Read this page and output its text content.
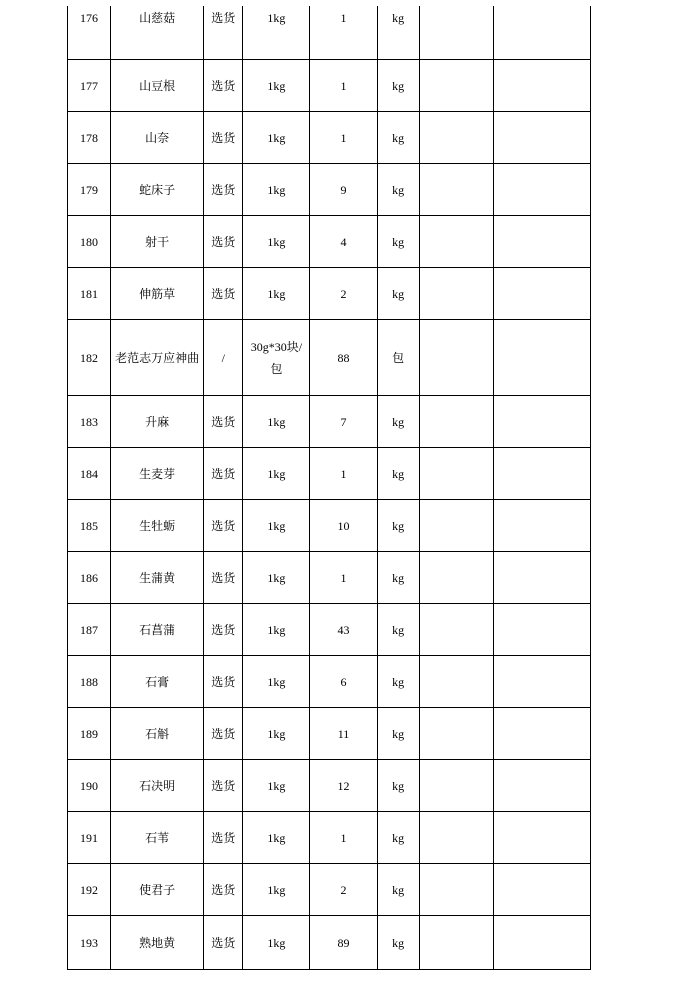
176	山慈菇	选货	1kg	1	kg		
177	山豆根	选货	1kg	1	kg		
178	山奈	选货	1kg	1	kg		
179	蛇床子	选货	1kg	9	kg		
180	射干	选货	1kg	4	kg		
181	伸筋草	选货	1kg	2	kg		
182	老范志万应神曲	/	30g*30块/包	88	包		
183	升麻	选货	1kg	7	kg		
184	生麦芽	选货	1kg	1	kg		
185	生牡蛎	选货	1kg	10	kg		
186	生蒲黄	选货	1kg	1	kg		
187	石菖蒲	选货	1kg	43	kg		
188	石膏	选货	1kg	6	kg		
189	石斛	选货	1kg	11	kg		
190	石决明	选货	1kg	12	kg		
191	石苇	选货	1kg	1	kg		
192	使君子	选货	1kg	2	kg		
193	熟地黄	选货	1kg	89	kg		
